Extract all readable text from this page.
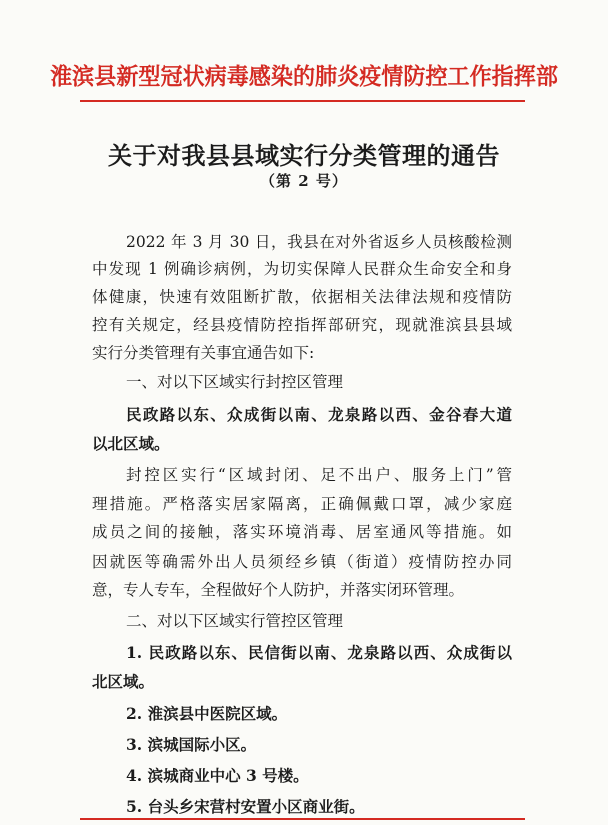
淮滨县新型冠状病毒感染的肺炎疫情防控工作指挥部
关于对我县县域实行分类管理的通告
（第 2 号）
2022 年 3 月 30 日，我县在对外省返乡人员核酸检测
中发现 1 例确诊病例，为切实保障人民群众生命安全和身
体健康，快速有效阻断扩散，依据相关法律法规和疫情防
控有关规定，经县疫情防控指挥部研究，现就淮滨县县域
实行分类管理有关事宜通告如下:
一、对以下区域实行封控区管理
民政路以东、众成街以南、龙泉路以西、金谷春大道
以北区域。
封控区实行“区域封闭、足不出户、服务上门”管
理措施。严格落实居家隔离，正确佩戴口罩，减少家庭
成员之间的接触，落实环境消毒、居室通风等措施。如
因就医等确需外出人员须经乡镇（街道）疫情防控办同
意，专人专车，全程做好个人防护，并落实闭环管理。
二、对以下区域实行管控区管理
1. 民政路以东、民信街以南、龙泉路以西、众成街以
北区域。
2. 淮滨县中医院区域。
3. 滨城国际小区。
4. 滨城商业中心 3 号楼。
5. 台头乡宋营村安置小区商业街。
